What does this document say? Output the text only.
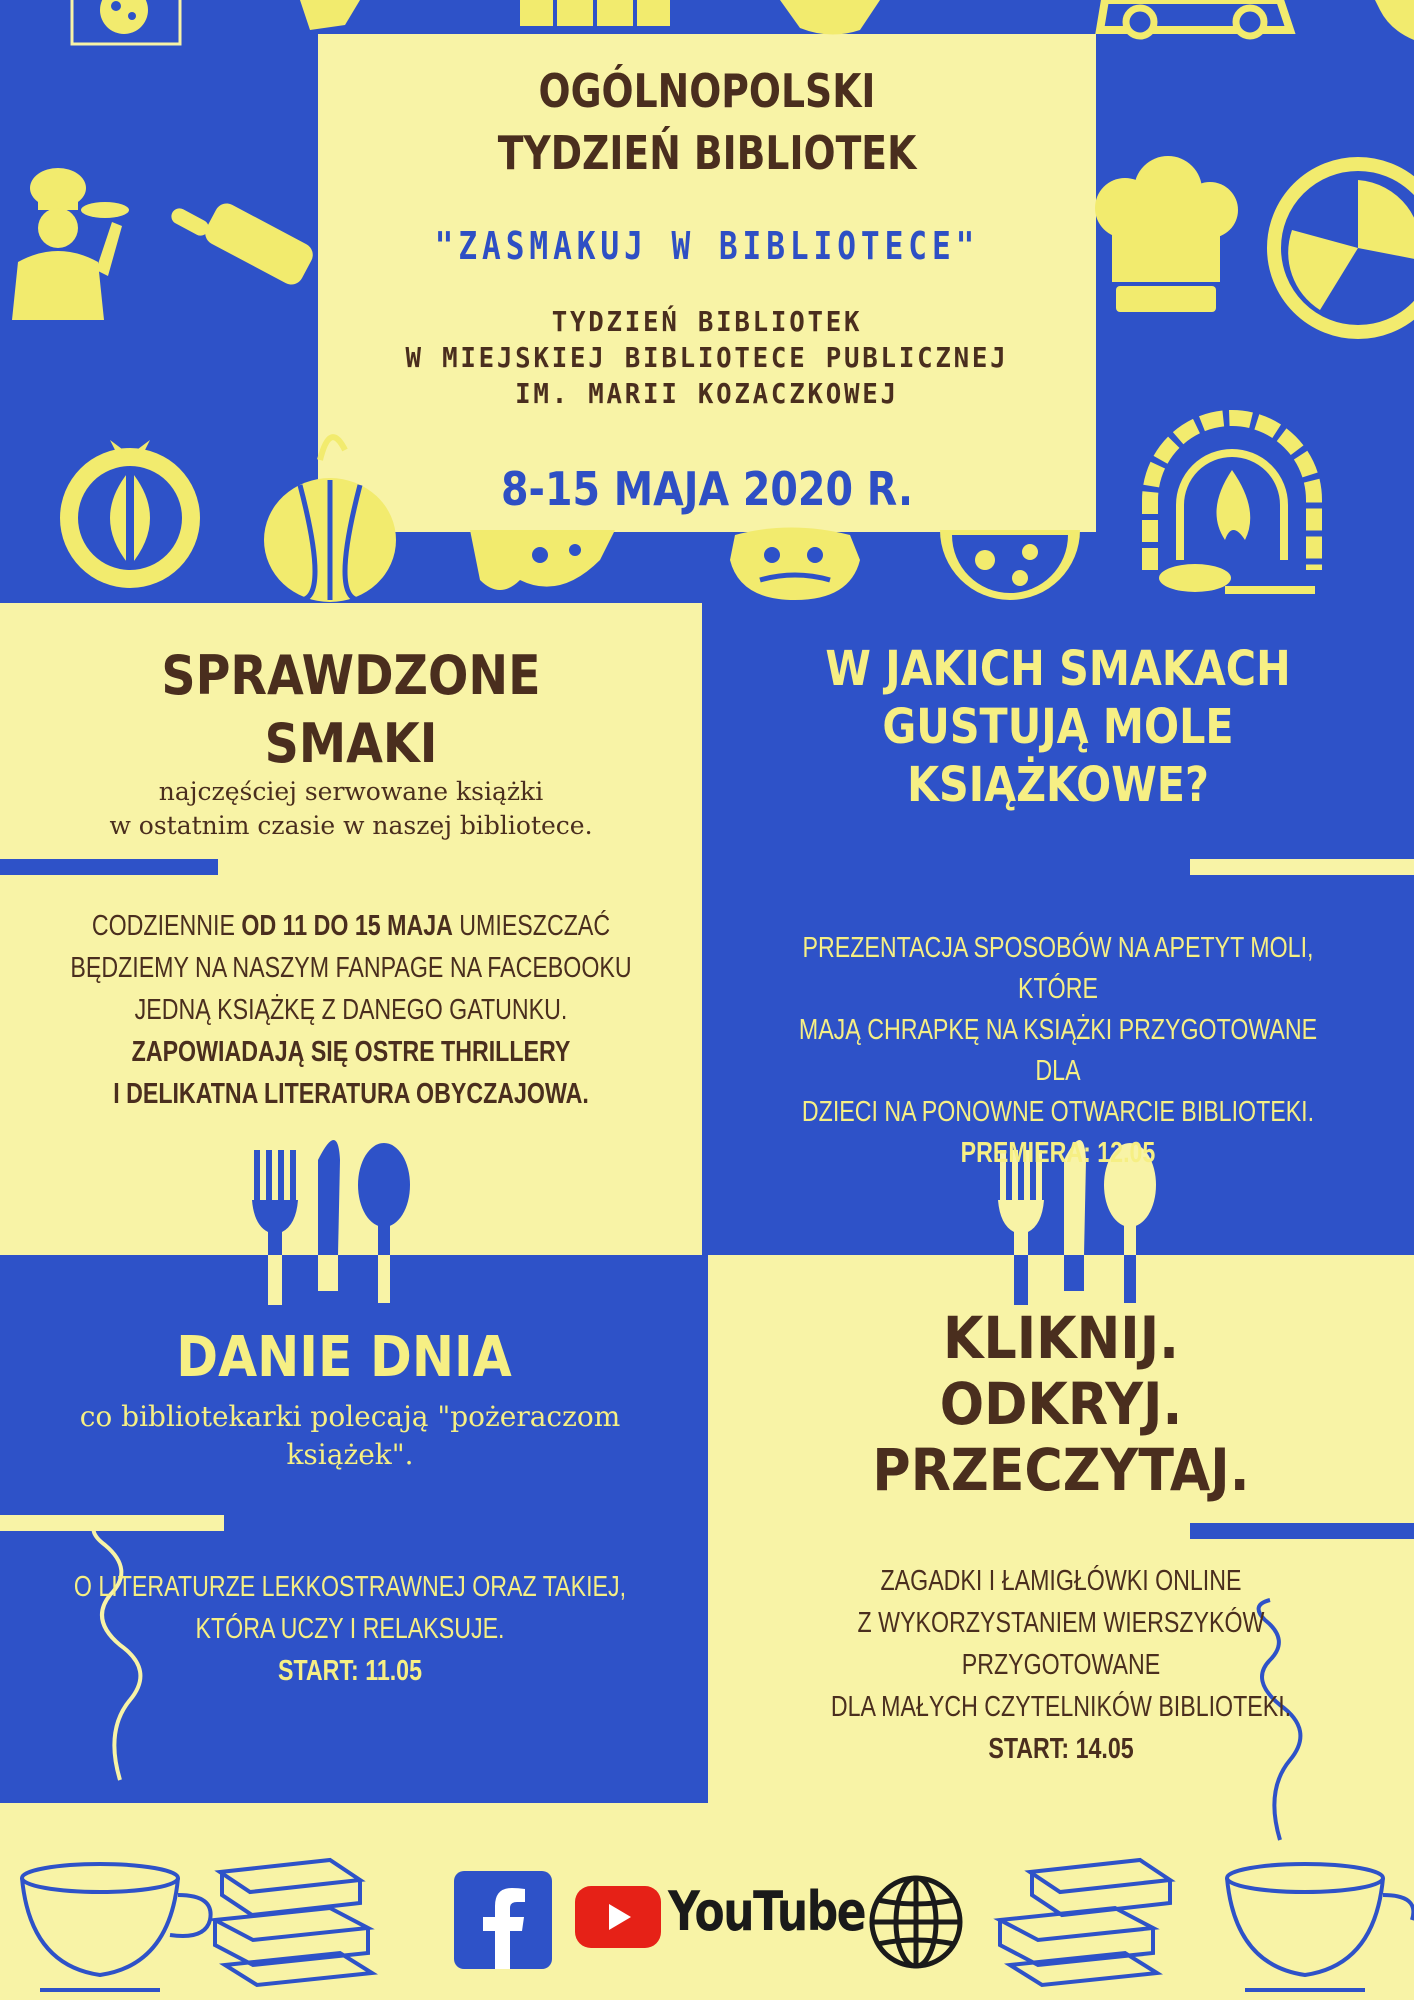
OGÓLNOPOLSKI
TYDZIEŃ BIBLIOTEK
"ZASMAKUJ W BIBLIOTECE"
TYDZIEŃ BIBLIOTEK
W MIEJSKIEJ BIBLIOTECE PUBLICZNEJ
IM. MARII KOZACZKOWEJ
8-15 MAJA 2020 R.
SPRAWDZONE
SMAKI
najczęściej serwowane książki
w ostatnim czasie w naszej bibliotece.
CODZIENNIE OD 11 DO 15 MAJA UMIESZCZAĆ
BĘDZIEMY NA NASZYM FANPAGE NA FACEBOOKU
JEDNĄ KSIĄŻKĘ Z DANEGO GATUNKU.
ZAPOWIADAJĄ SIĘ OSTRE THRILLERY
I DELIKATNA LITERATURA OBYCZAJOWA.
W JAKICH SMAKACH
GUSTUJĄ MOLE
KSIĄŻKOWE?
PREZENTACJA SPOSOBÓW NA APETYT MOLI, KTÓRE
MAJĄ CHRAPKĘ NA KSIĄŻKI PRZYGOTOWANE DLA
DZIECI NA PONOWNE OTWARCIE BIBLIOTEKI.
PREMIERA: 12.05
DANIE DNIA
co bibliotekarki polecają "pożeraczom
książek".
O LITERATURZE LEKKOSTRAWNEJ ORAZ TAKIEJ,
KTÓRA UCZY I RELAKSUJE.
START: 11.05
KLIKNIJ.
ODKRYJ.
PRZECZYTAJ.
ZAGADKI I ŁAMIGŁÓWKI ONLINE
Z WYKORZYSTANIEM WIERSZYKÓW PRZYGOTOWANE
DLA MAŁYCH CZYTELNIKÓW BIBLIOTEKI.
START: 14.05
YouTube
